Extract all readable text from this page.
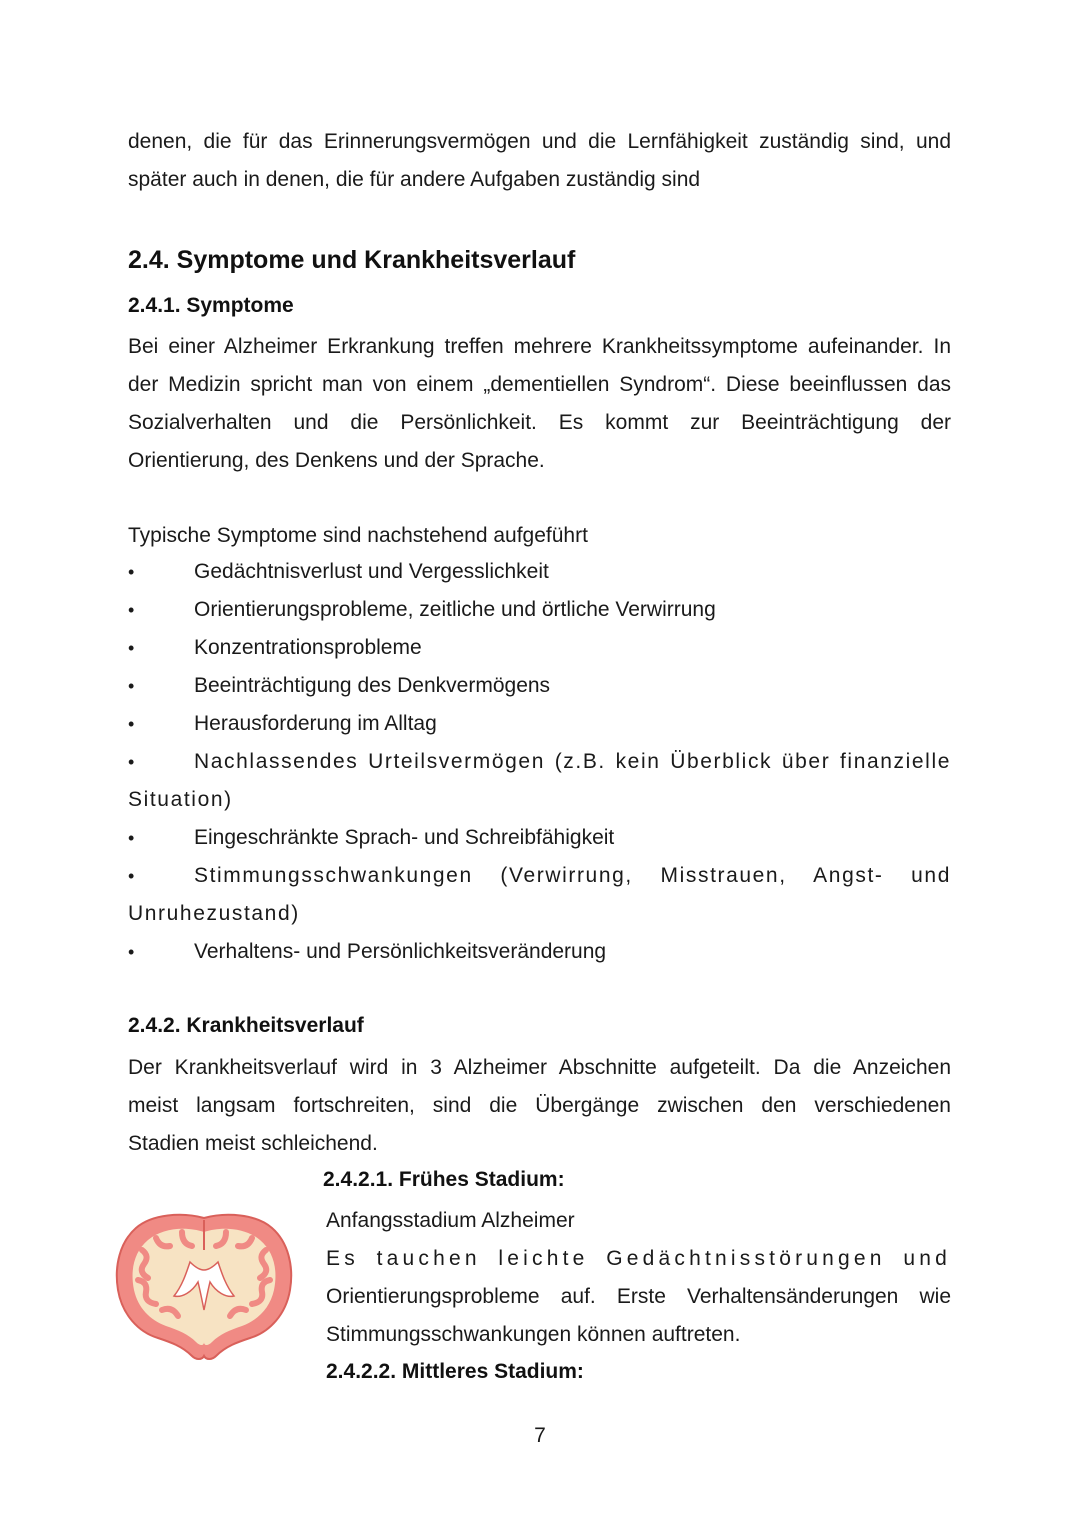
denen, die für das Erinnerungsvermögen und die Lernfähigkeit zuständig sind, und
später auch in denen, die für andere Aufgaben zuständig sind
2.4. Symptome und Krankheitsverlauf
2.4.1. Symptome
Bei einer Alzheimer Erkrankung treffen mehrere Krankheitssymptome aufeinander. In
der Medizin spricht man von einem „dementiellen Syndrom“. Diese beeinflussen das
Sozialverhalten und die Persönlichkeit. Es kommt zur Beeinträchtigung der
Orientierung, des Denkens und der Sprache.
Typische Symptome sind nachstehend aufgeführt
•	Gedächtnisverlust und Vergesslichkeit
•	Orientierungsprobleme, zeitliche und örtliche Verwirrung
•	Konzentrationsprobleme
•	Beeinträchtigung des Denkvermögens
•	Herausforderung im Alltag
•	Nachlassendes Urteilsvermögen (z.B. kein Überblick über finanzielle Situation)
•	Eingeschränkte Sprach- und Schreibfähigkeit
•	Stimmungsschwankungen (Verwirrung, Misstrauen, Angst- und Unruhezustand)
•	Verhaltens- und Persönlichkeitsveränderung
2.4.2. Krankheitsverlauf
Der Krankheitsverlauf wird in 3 Alzheimer Abschnitte aufgeteilt. Da die Anzeichen
meist langsam fortschreiten, sind die Übergänge zwischen den verschiedenen
Stadien meist schleichend.
2.4.2.1. Frühes Stadium:
Anfangsstadium Alzheimer
Es tauchen leichte Gedächtnisstörungen und
Orientierungsprobleme auf. Erste Verhaltensänderungen wie
Stimmungsschwankungen können auftreten.
2.4.2.2. Mittleres Stadium:
7
